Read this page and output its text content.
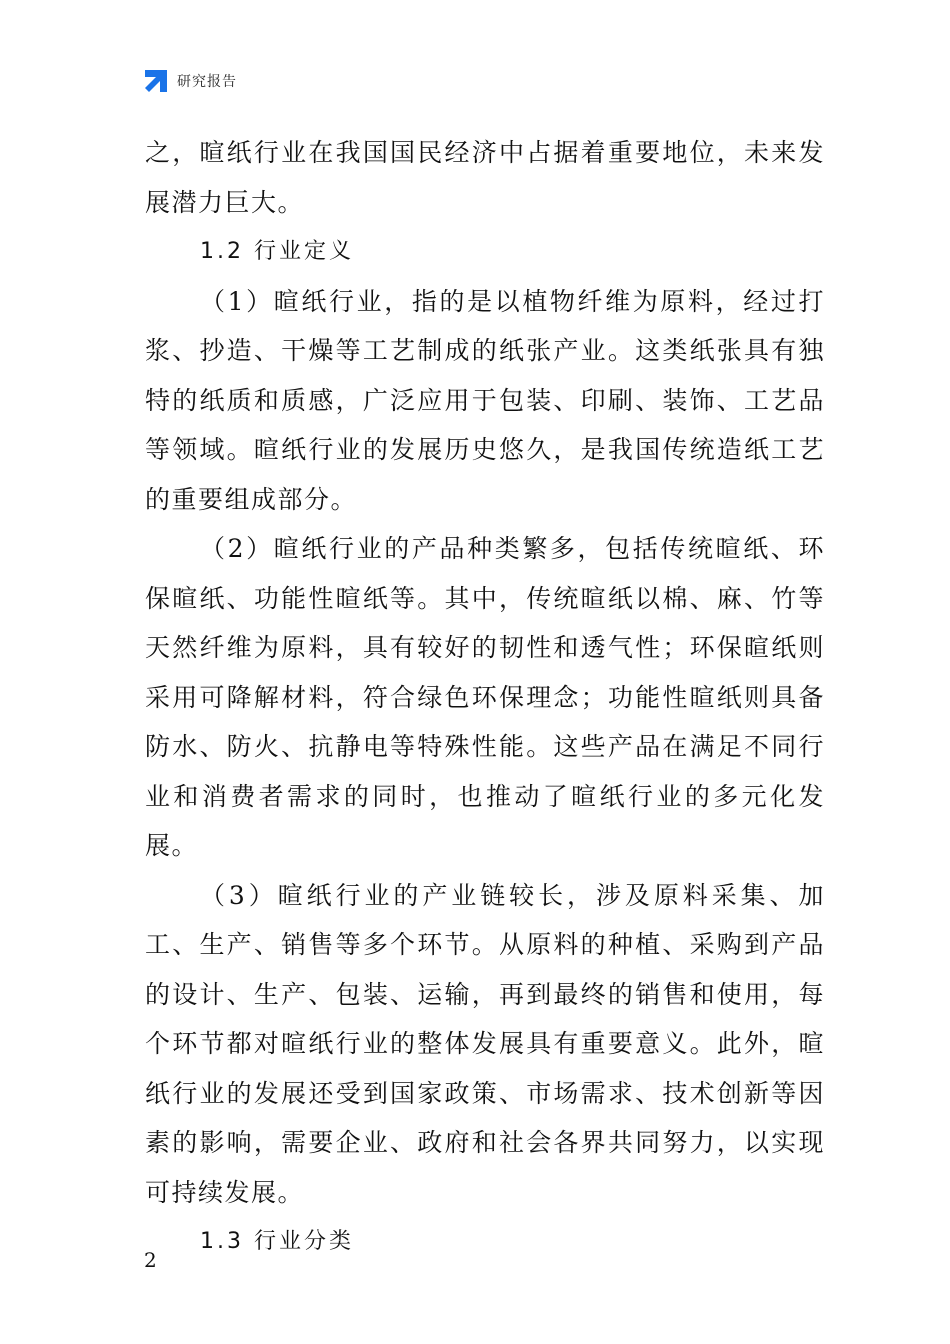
研究报告

之，暄纸行业在我国国民经济中占据着重要地位，未来发展潜力巨大。

1.2 行业定义

（1）暄纸行业，指的是以植物纤维为原料，经过打浆、抄造、干燥等工艺制成的纸张产业。这类纸张具有独特的纸质和质感，广泛应用于包装、印刷、装饰、工艺品等领域。暄纸行业的发展历史悠久，是我国传统造纸工艺的重要组成部分。

（2）暄纸行业的产品种类繁多，包括传统暄纸、环保暄纸、功能性暄纸等。其中，传统暄纸以棉、麻、竹等天然纤维为原料，具有较好的韧性和透气性；环保暄纸则采用可降解材料，符合绿色环保理念；功能性暄纸则具备防水、防火、抗静电等特殊性能。这些产品在满足不同行业和消费者需求的同时，也推动了暄纸行业的多元化发展。

（3）暄纸行业的产业链较长，涉及原料采集、加工、生产、销售等多个环节。从原料的种植、采购到产品的设计、生产、包装、运输，再到最终的销售和使用，每个环节都对暄纸行业的整体发展具有重要意义。此外，暄纸行业的发展还受到国家政策、市场需求、技术创新等因素的影响，需要企业、政府和社会各界共同努力，以实现可持续发展。

1.3 行业分类

2
